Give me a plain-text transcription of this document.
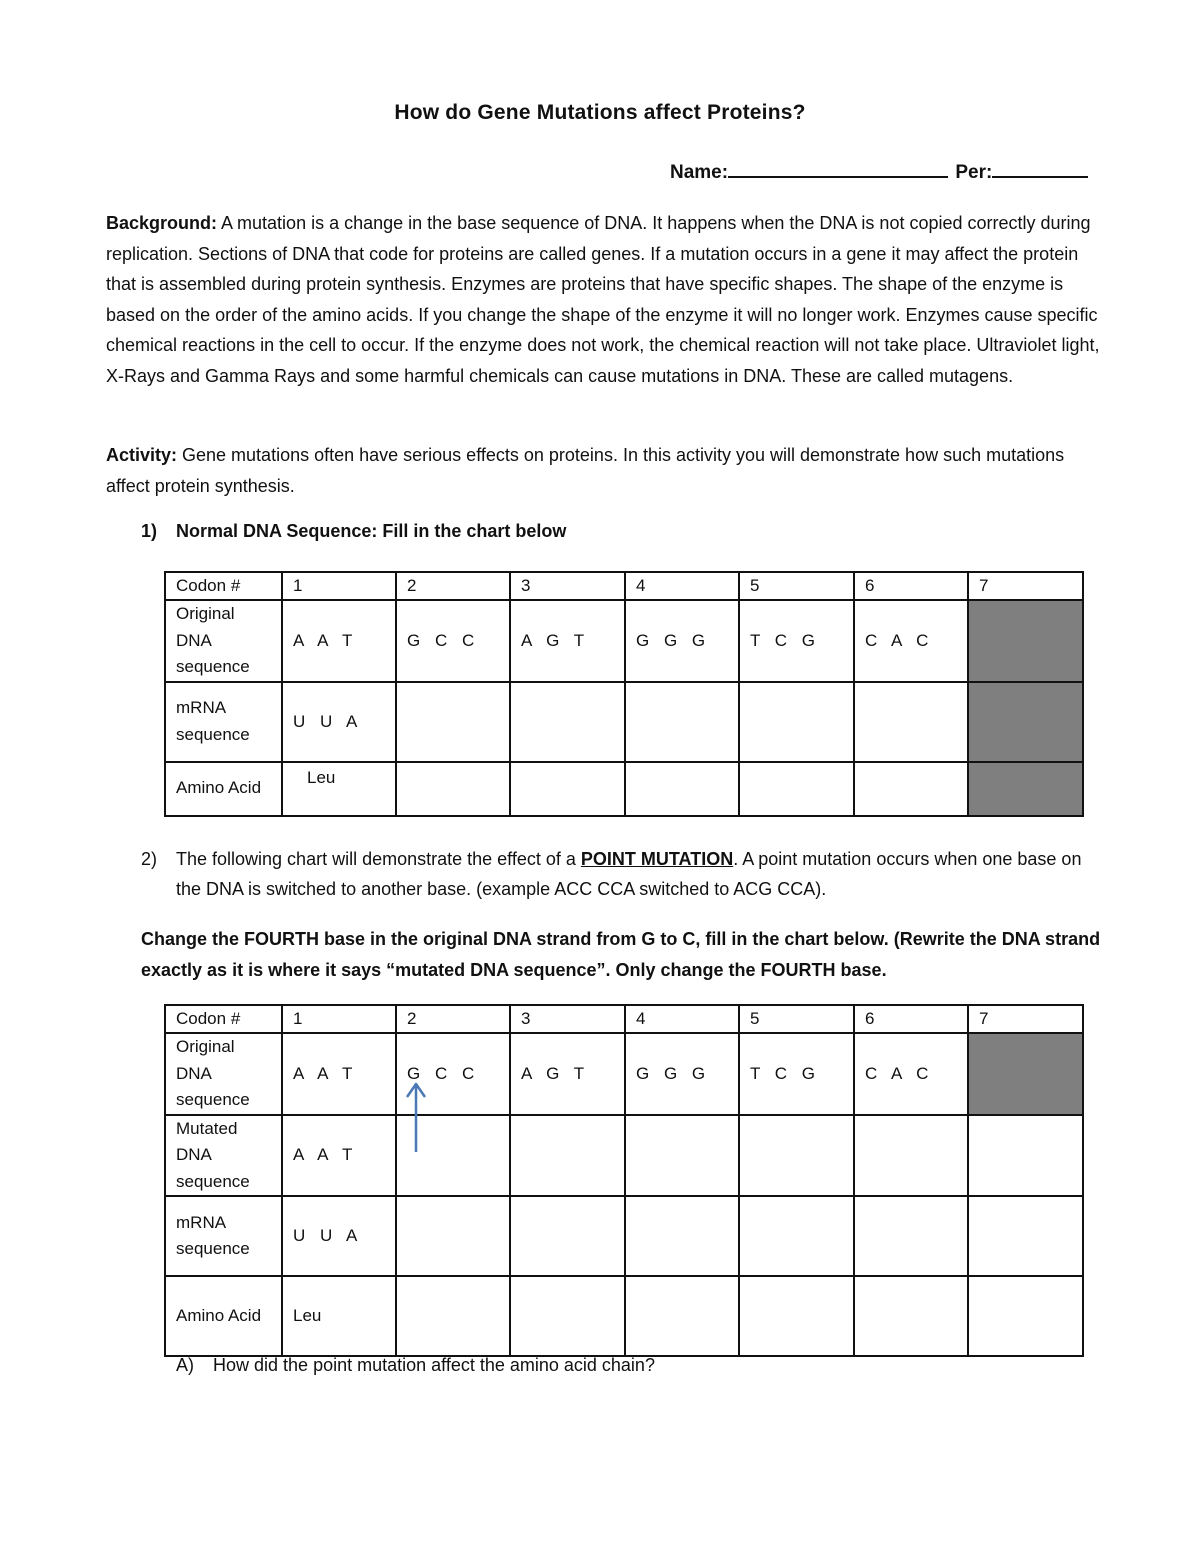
How do Gene Mutations affect Proteins?
Name:	Per:
Background: A mutation is a change in the base sequence of DNA. It happens when the DNA is not copied correctly during replication. Sections of DNA that code for proteins are called genes. If a mutation occurs in a gene it may affect the protein that is assembled during protein synthesis. Enzymes are proteins that have specific shapes. The shape of the enzyme is based on the order of the amino acids. If you change the shape of the enzyme it will no longer work. Enzymes cause specific chemical reactions in the cell to occur. If the enzyme does not work, the chemical reaction will not take place. Ultraviolet light, X-Rays and Gamma Rays and some harmful chemicals can cause mutations in DNA. These are called mutagens.
Activity: Gene mutations often have serious effects on proteins. In this activity you will demonstrate how such mutations affect protein synthesis.
1) Normal DNA Sequence: Fill in the chart below
Codon #	1	2	3	4	5	6	7
Original DNA sequence	A A T	G C C	A G T	G G G	T C G	C A C	
mRNA sequence	U U A						
Amino Acid	Leu						
2) The following chart will demonstrate the effect of a POINT MUTATION. A point mutation occurs when one base on the DNA is switched to another base. (example ACC CCA switched to ACG CCA).
Change the FOURTH base in the original DNA strand from G to C, fill in the chart below. (Rewrite the DNA strand exactly as it is where it says “mutated DNA sequence”. Only change the FOURTH base.
Codon #	1	2	3	4	5	6	7
Original DNA sequence	A A T	G C C	A G T	G G G	T C G	C A C	
Mutated DNA sequence	A A T						
mRNA sequence	U U A						
Amino Acid	Leu						
A) How did the point mutation affect the amino acid chain?
